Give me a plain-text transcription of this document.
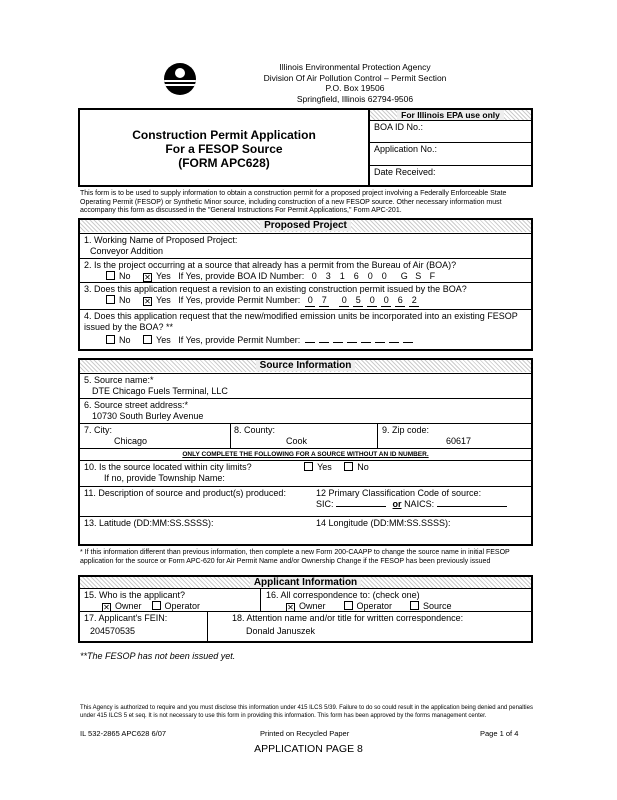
Illinois Environmental Protection Agency
Division Of Air Pollution Control – Permit Section
P.O. Box 19506
Springfield, Illinois 62794-9506
Construction Permit Application
For a FESOP Source
(FORM APC628)
For Illinois EPA use only
BOA ID No.:
Application No.:
Date Received:
This form is to be used to supply information to obtain a construction permit for a proposed project involving a Federally Enforceable State Operating Permit (FESOP) or Synthetic Minor source, including construction of a new FESOP source. Other necessary information must accompany this form as discussed in the "General Instructions For Permit Applications," Form APC-201.
Proposed Project
1. Working Name of Proposed Project:
Conveyor Addition
2. Is the project occurring at a source that already has a permit from the Bureau of Air (BOA)?
No ✕ Yes If Yes, provide BOA ID Number: 0 3 1 6 0 0 G S F
3. Does this application request a revision to an existing construction permit issued by the BOA?
No ✕ Yes If Yes, provide Permit Number: 0 7 0 5 0 0 6 2
4. Does this application request that the new/modified emission units be incorporated into an existing FESOP issued by the BOA? **
No	Yes If Yes, provide Permit Number:
Source Information
5. Source name:*
DTE Chicago Fuels Terminal, LLC
6. Source street address:*
10730 South Burley Avenue
7. City:
Chicago
8. County:
Cook
9. Zip code:
60617
ONLY COMPLETE THE FOLLOWING FOR A SOURCE WITHOUT AN ID NUMBER.
10. Is the source located within city limits?	Yes	No
If no, provide Township Name:
11. Description of source and product(s) produced:	12 Primary Classification Code of source:
SIC:	or NAICS:
13. Latitude (DD:MM:SS.SSSS):	14 Longitude (DD:MM:SS.SSSS):
* If this information different than previous information, then complete a new Form 200-CAAPP to change the source name in initial FESOP application for the source or Form APC-620 for Air Permit Name and/or Ownership Change if the FESOP has been previously issued
Applicant Information
15. Who is the applicant?
✕ Owner	Operator
16. All correspondence to: (check one)
✕ Owner	Operator	Source
17. Applicant's FEIN:
204570535
18. Attention name and/or title for written correspondence:
Donald Januszek
**The FESOP has not been issued yet.
This Agency is authorized to require and you must disclose this information under 415 ILCS 5/39. Failure to do so could result in the application being denied and penalties under 415 ILCS 5 et seq. It is not necessary to use this form in providing this information. This form has been approved by the forms management center.
IL 532-2865 APC628 6/07	Printed on Recycled Paper	Page 1 of 4
APPLICATION PAGE 8
